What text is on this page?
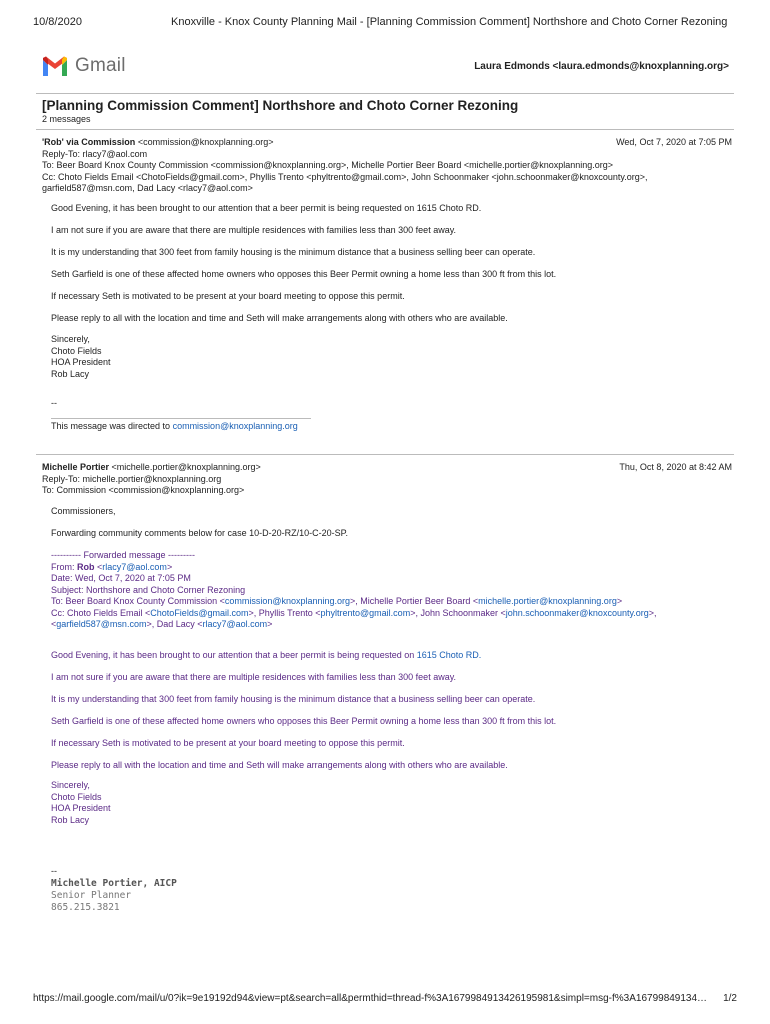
10/8/2020	Knoxville - Knox County Planning Mail - [Planning Commission Comment] Northshore and Choto Corner Rezoning
Gmail	Laura Edmonds <laura.edmonds@knoxplanning.org>
[Planning Commission Comment] Northshore and Choto Corner Rezoning
2 messages
'Rob' via Commission <commission@knoxplanning.org>	Wed, Oct 7, 2020 at 7:05 PM
Reply-To: rlacy7@aol.com
To: Beer Board Knox County Commission <commission@knoxplanning.org>, Michelle Portier Beer Board <michelle.portier@knoxplanning.org>
Cc: Choto Fields Email <ChotoFields@gmail.com>, Phyllis Trento <phyltrento@gmail.com>, John Schoonmaker <john.schoonmaker@knoxcounty.org>,
garfield587@msn.com, Dad Lacy <rlacy7@aol.com>

Good Evening, it has been brought to our attention that a beer permit is being requested on 1615 Choto RD.

I am not sure if you are aware that there are multiple residences with families less than 300 feet away.

It is my understanding that 300 feet from family housing is the minimum distance that a business selling beer can operate.

Seth Garfield is one of these affected home owners who opposes this Beer Permit owning a home less than 300 ft from this lot.

If necessary Seth is motivated to be present at your board meeting to oppose this permit.

Please reply to all with the location and time and Seth will make arrangements along with others who are available.

Sincerely,
Choto Fields
HOA President
Rob Lacy
--
This message was directed to commission@knoxplanning.org
Michelle Portier <michelle.portier@knoxplanning.org>	Thu, Oct 8, 2020 at 8:42 AM
Reply-To: michelle.portier@knoxplanning.org
To: Commission <commission@knoxplanning.org>

Commissioners,

Forwarding community comments below for case 10-D-20-RZ/10-C-20-SP.

---------- Forwarded message ---------
From: Rob <rlacy7@aol.com>
Date: Wed, Oct 7, 2020 at 7:05 PM
Subject: Northshore and Choto Corner Rezoning
To: Beer Board Knox County Commission <commission@knoxplanning.org>, Michelle Portier Beer Board <michelle.portier@knoxplanning.org>
Cc: Choto Fields Email <ChotoFields@gmail.com>, Phyllis Trento <phyltrento@gmail.com>, John Schoonmaker <john.schoonmaker@knoxcounty.org>,
<garfield587@msn.com>, Dad Lacy <rlacy7@aol.com>

Good Evening, it has been brought to our attention that a beer permit is being requested on 1615 Choto RD.

I am not sure if you are aware that there are multiple residences with families less than 300 feet away.

It is my understanding that 300 feet from family housing is the minimum distance that a business selling beer can operate.

Seth Garfield is one of these affected home owners who opposes this Beer Permit owning a home less than 300 ft from this lot.

If necessary Seth is motivated to be present at your board meeting to oppose this permit.

Please reply to all with the location and time and Seth will make arrangements along with others who are available.

Sincerely,
Choto Fields
HOA President
Rob Lacy
--
Michelle Portier, AICP
Senior Planner
865.215.3821
https://mail.google.com/mail/u/0?ik=9e19192d94&view=pt&search=all&permthid=thread-f%3A1679984913426195981&simpl=msg-f%3A16799849134… 1/2
